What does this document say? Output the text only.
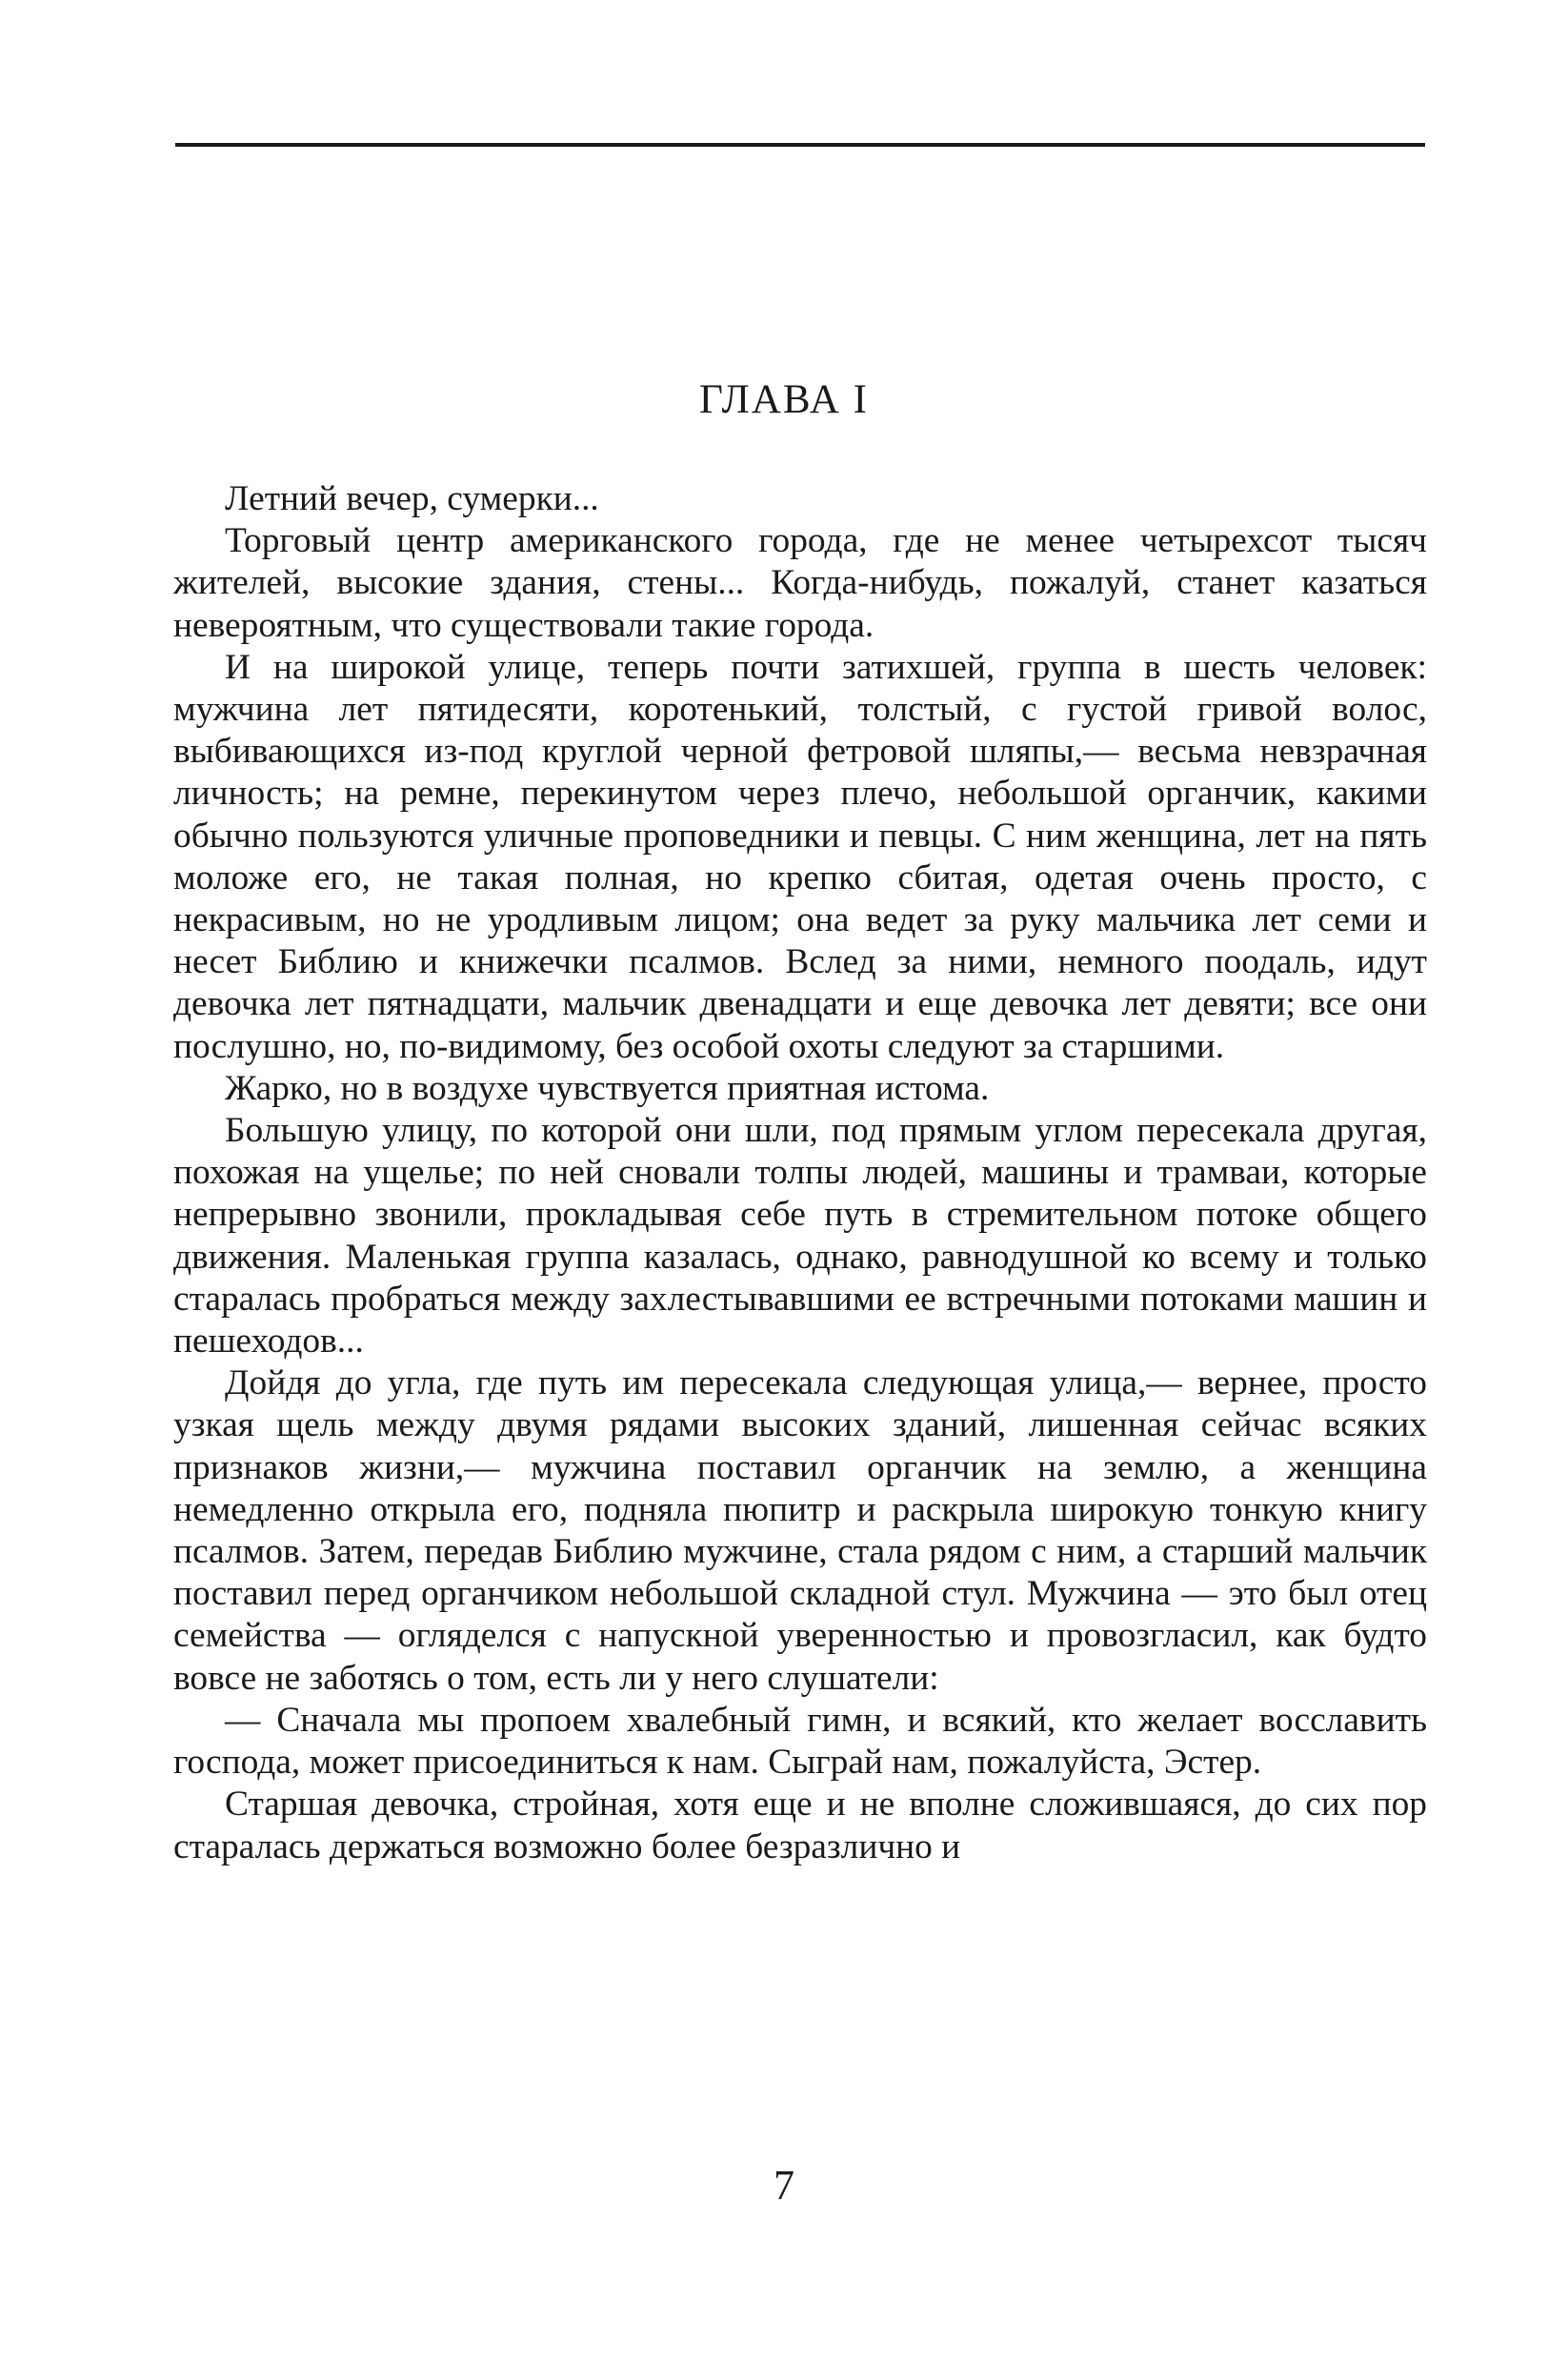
ГЛАВА I

Летний вечер, сумерки...

Торговый центр американского города, где не менее четырехсот тысяч жителей, высокие здания, стены... Когда-нибудь, пожалуй, станет казаться невероятным, что существовали такие города.

И на широкой улице, теперь почти затихшей, группа в шесть человек: мужчина лет пятидесяти, коротенький, толстый, с густой гривой волос, выбивающихся из-под круглой черной фетровой шляпы,— весьма невзрачная личность; на ремне, перекинутом через плечо, небольшой органчик, какими обычно пользуются уличные проповедники и певцы. С ним женщина, лет на пять моложе его, не такая полная, но крепко сбитая, одетая очень просто, с некрасивым, но не уродливым лицом; она ведет за руку мальчика лет семи и несет Библию и книжечки псалмов. Вслед за ними, немного поодаль, идут девочка лет пятнадцати, мальчик двенадцати и еще девочка лет девяти; все они послушно, но, по-видимому, без особой охоты следуют за старшими.

Жарко, но в воздухе чувствуется приятная истома.

Большую улицу, по которой они шли, под прямым углом пересекала другая, похожая на ущелье; по ней сновали толпы людей, машины и трамваи, которые непрерывно звонили, прокладывая себе путь в стремительном потоке общего движения. Маленькая группа казалась, однако, равнодушной ко всему и только старалась пробраться между захлестывавшими ее встречными потоками машин и пешеходов...

Дойдя до угла, где путь им пересекала следующая улица,— вернее, просто узкая щель между двумя рядами высоких зданий, лишенная сейчас всяких признаков жизни,— мужчина поставил органчик на землю, а женщина немедленно открыла его, подняла пюпитр и раскрыла широкую тонкую книгу псалмов. Затем, передав Библию мужчине, стала рядом с ним, а старший мальчик поставил перед органчиком небольшой складной стул. Мужчина — это был отец семейства — огляделся с напускной уверенностью и провозгласил, как будто вовсе не заботясь о том, есть ли у него слушатели:

— Сначала мы пропоем хвалебный гимн, и всякий, кто желает восславить господа, может присоединиться к нам. Сыграй нам, пожалуйста, Эстер.

Старшая девочка, стройная, хотя еще и не вполне сложившаяся, до сих пор старалась держаться возможно более безразлично и

7
